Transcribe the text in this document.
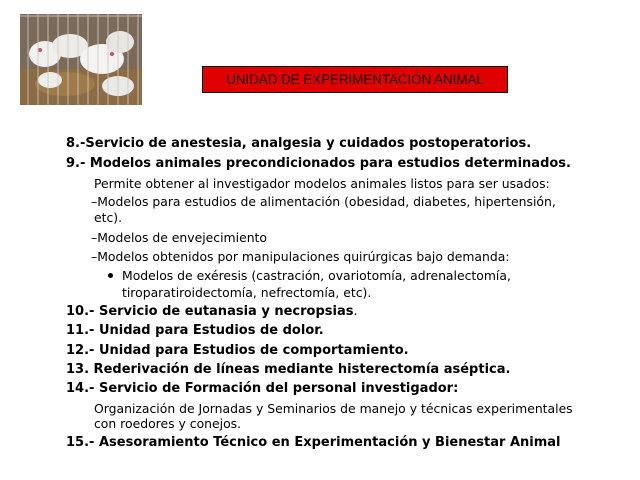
UNIDAD DE EXPERIMENTACIÓN ANIMAL
8.-Servicio de anestesia, analgesia y cuidados postoperatorios.
9.- Modelos animales precondicionados para estudios determinados.
Permite obtener al investigador modelos animales listos para ser usados:
–Modelos para estudios de alimentación (obesidad, diabetes, hipertensión,
etc).
–Modelos de envejecimiento
–Modelos obtenidos por manipulaciones quirúrgicas bajo demanda:
Modelos de exéresis (castración, ovariotomía, adrenalectomía,
tiroparatiroidectomía, nefrectomía, etc).
10.- Servicio de eutanasia y necropsias.
11.- Unidad para Estudios de dolor.
12.- Unidad para Estudios de comportamiento.
13. Rederivación de líneas mediante histerectomía aséptica.
14.- Servicio de Formación del personal investigador:
Organización de Jornadas y Seminarios de manejo y técnicas experimentales
con roedores y conejos.
15.- Asesoramiento Técnico en Experimentación y Bienestar Animal
